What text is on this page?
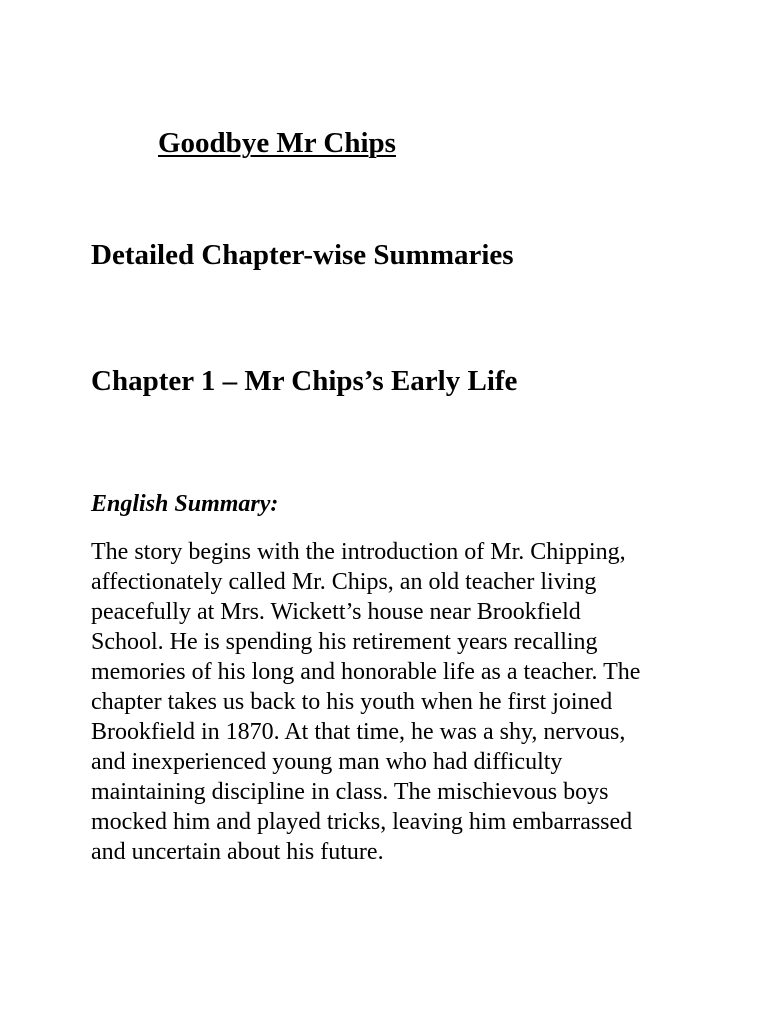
Goodbye Mr Chips
Detailed Chapter-wise Summaries
Chapter 1 – Mr Chips’s Early Life
English Summary:

The story begins with the introduction of Mr. Chipping,
affectionately called Mr. Chips, an old teacher living
peacefully at Mrs. Wickett’s house near Brookfield
School. He is spending his retirement years recalling
memories of his long and honorable life as a teacher. The
chapter takes us back to his youth when he first joined
Brookfield in 1870. At that time, he was a shy, nervous,
and inexperienced young man who had difficulty
maintaining discipline in class. The mischievous boys
mocked him and played tricks, leaving him embarrassed
and uncertain about his future.
